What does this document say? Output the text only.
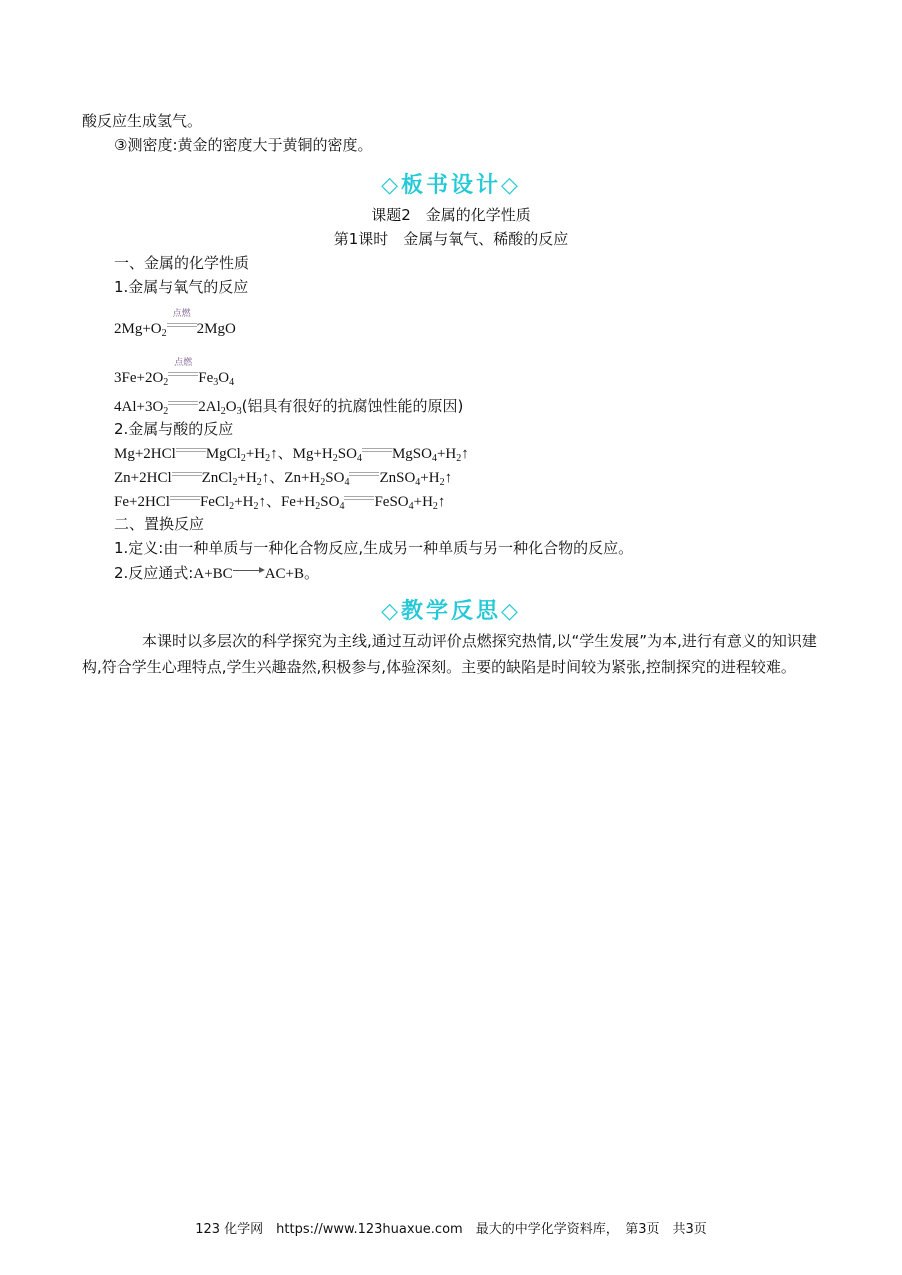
酸反应生成氢气。
③测密度:黄金的密度大于黄铜的密度。
◇板书设计◇
课题2　金属的化学性质
第1课时　金属与氧气、稀酸的反应
一、金属的化学性质
1.金属与氧气的反应
$2Mg+O_2$
点燃
2MgO
$3Fe+2O_2$
点燃
$Fe_3O_4$
$4Al+3O_2$ $2Al_2O_3$(铝具有很好的抗腐蚀性能的原因)
2.金属与酸的反应
Mg+2HCl $MgCl_2+H_2↑$、$Mg+H_2SO_4$ $MgSO_4+H_2↑$
Zn+2HCl $ZnCl_2+H_2↑$、$Zn+H_2SO_4$ $ZnSO_4+H_2↑$
Fe+2HCl $FeCl_2+H_2↑$、$Fe+H_2SO_4$ $FeSO_4+H_2↑$
二、置换反应
1.定义:由一种单质与一种化合物反应,生成另一种单质与另一种化合物的反应。
2.反应通式:A+BC AC+B。
◇教学反思◇
本课时以多层次的科学探究为主线,通过互动评价点燃探究热情,以“学生发展”为本,进行有意义的知识建构,符合学生心理特点,学生兴趣盎然,积极参与,体验深刻。主要的缺陷是时间较为紧张,控制探究的进程较难。
123 化学网　https://www.123huaxue.com　最大的中学化学资料库，　第3页　共3页
